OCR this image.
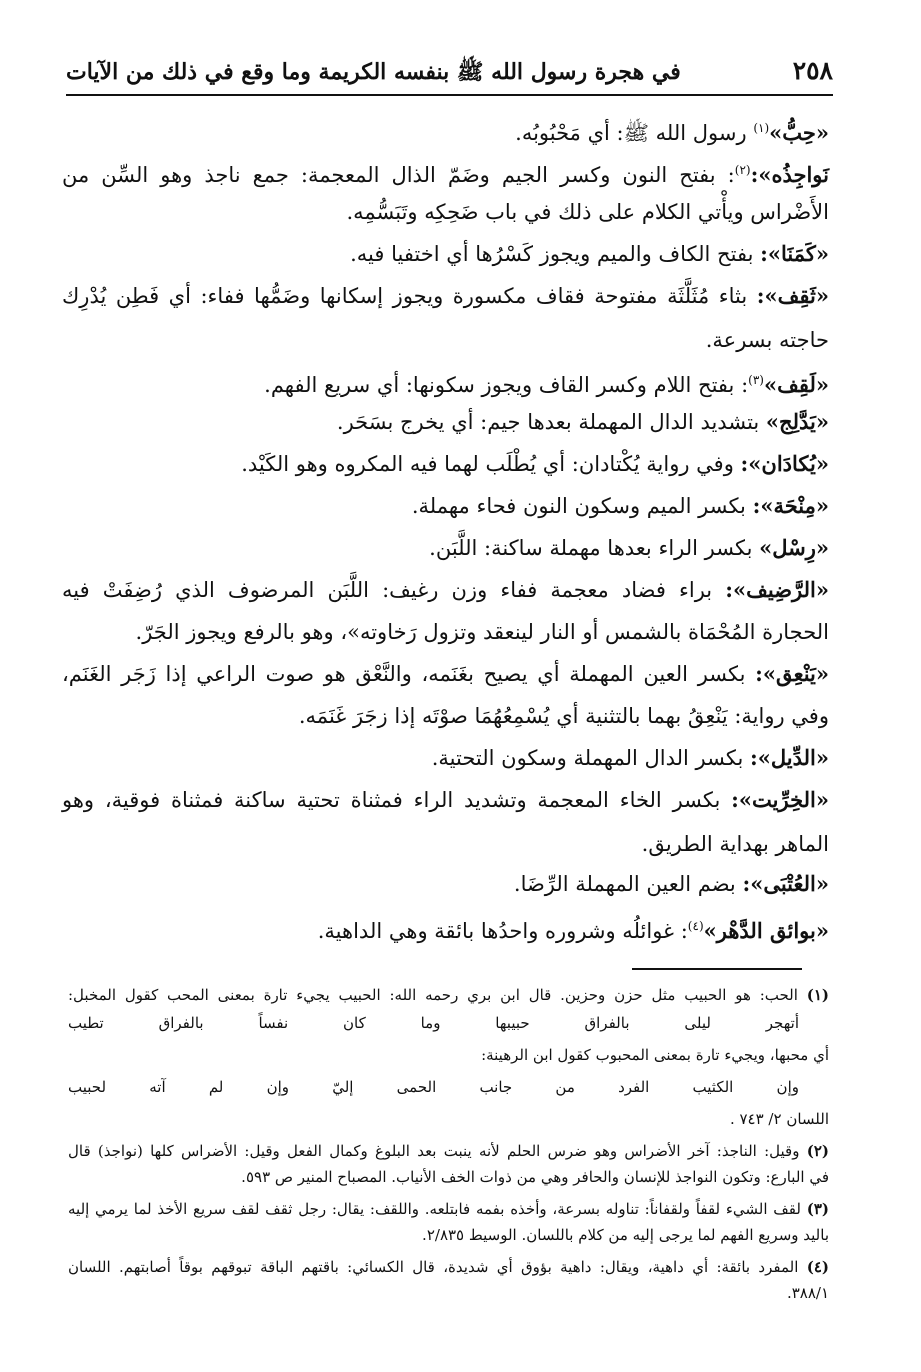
٢٥٨
في هجرة رسول الله ﷺ بنفسه الكريمة وما وقع في ذلك من الآيات
«حِبُّ»$^{(١)}$ رسول الله ﷺ: أي مَحْبُوبُه.
نَواجِذُه»:$^{(٢)}$: بفتح النون وكسر الجيم وضَمّ الذال المعجمة: جمع ناجذ وهو السِّن من
الأَضْراس ويأْتي الكلام على ذلك في باب ضَحِكِه وتَبَسُّمِه.
«كَمَنَا»: بفتح الكاف والميم ويجوز كَسْرُها أي اختفيا فيه.
«ثَقِف»: بثاء مُثَلَّثَة مفتوحة فقاف مكسورة ويجوز إسكانها وضَمُّها ففاء: أي فَطِن يُدْرِك
حاجته بسرعة.
«لَقِف»$^{(٣)}$: بفتح اللام وكسر القاف ويجوز سكونها: أي سريع الفهم.
«يَدَّلِج» بتشديد الدال المهملة بعدها جيم: أي يخرج بسَحَر.
«يُكادَان»: وفي رواية يُكْتادان: أي يُطْلَب لهما فيه المكروه وهو الكَيْد.
«مِنْحَة»: بكسر الميم وسكون النون فحاء مهملة.
«رِسْل» بكسر الراء بعدها مهملة ساكنة: اللَّبَن.
«الرَّضِيف»: براء فضاد معجمة ففاء وزن رغيف: اللَّبَن المرضوف الذي رُضِفَتْ فيه
الحجارة المُحْمَاة بالشمس أو النار لينعقد وتزول رَخاوته»، وهو بالرفع ويجوز الجَرّ.
«يَنْعِق»: بكسر العين المهملة أي يصيح بغَنَمه، والنَّعْق هو صوت الراعي إذا زَجَر الغَنَم،
وفي رواية: يَنْعِقُ بهما بالتثنية أي يُسْمِعُهُمَا صوْتَه إذا زجَرَ غَنَمَه.
«الدِّيل»: بكسر الدال المهملة وسكون التحتية.
«الخِرِّيت»: بكسر الخاء المعجمة وتشديد الراء فمثناة تحتية ساكنة فمثناة فوقية، وهو
الماهر بهداية الطريق.
«العُتْبَى»: بضم العين المهملة الرِّضَا.
«بوائق الدَّهْر»$^{(٤)}$: غوائلُه وشروره واحدُها بائقة وهي الداهية.
(١) الحب: هو الحبيب مثل حزن وحزين. قال ابن بري رحمه الله: الحبيب يجيء تارة بمعنى المحب كقول المخبل:
أتهجر ليلى بالفراق حبيبها وما كان نفساً بالفراق تطيب
أي محبها، ويجيء تارة بمعنى المحبوب كقول ابن الرهينة:
وإن الكثيب الفرد من جانب الحمى إليّ وإن لم آته لحبيب
اللسان ٢/ ٧٤٣ .
(٢) وقيل: الناجذ: آخر الأضراس وهو ضرس الحلم لأنه ينبت بعد البلوغ وكمال الفعل وقيل: الأضراس كلها (نواجذ) قال
في البارع: وتكون النواجذ للإنسان والحافر وهي من ذوات الخف الأنياب. المصباح المنير ص ٥٩٣.
(٣) لقف الشيء لقفاً ولقفاناً: تناوله بسرعة، وأخذه بفمه فابتلعه. واللقف: يقال: رجل ثقف لقف سريع الأخذ لما يرمي إليه
باليد وسريع الفهم لما يرجى إليه من كلام باللسان. الوسيط ٢/٨٣٥.
(٤) المفرد بائقة: أي داهية، ويقال: داهية بؤوق أي شديدة، قال الكسائي: باقتهم الباقة تبوقهم بوقاً أصابتهم. اللسان
٣٨٨/١.
